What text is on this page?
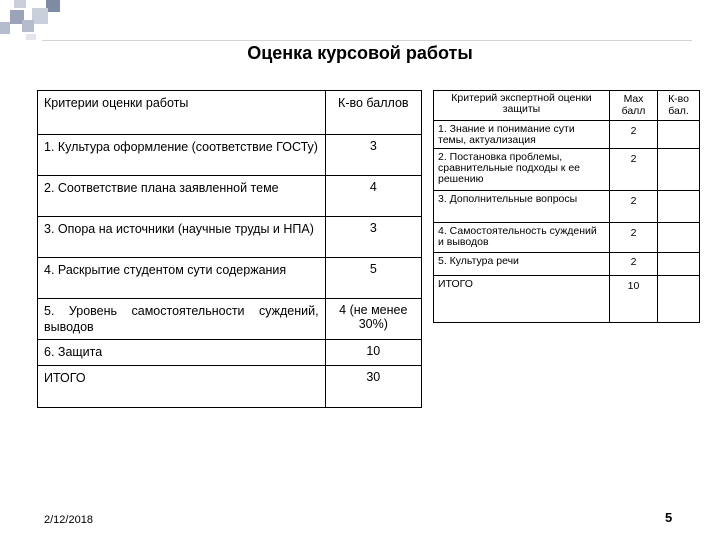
Оценка курсовой работы
Критерии оценки работы	К-во баллов
1. Культура оформление (соответствие ГОСТу)	3
2. Соответствие плана заявленной теме	4
3. Опора на источники (научные труды и НПА)	3
4. Раскрытие студентом сути содержания	5
5. Уровень самостоятельности суждений, выводов	4 (не менее 30%)
6. Защита	10
ИТОГО	30
Критерий экспертной оценки защиты	Max балл	К-во бал.
1. Знание и понимание сути темы, актуализация	2	
2. Постановка проблемы, сравнительные подходы к ее решению	2	
3. Дополнительные вопросы	2	
4. Самостоятельность суждений и выводов	2	
5. Культура речи	2	
ИТОГО	10	
2/12/2018	5
